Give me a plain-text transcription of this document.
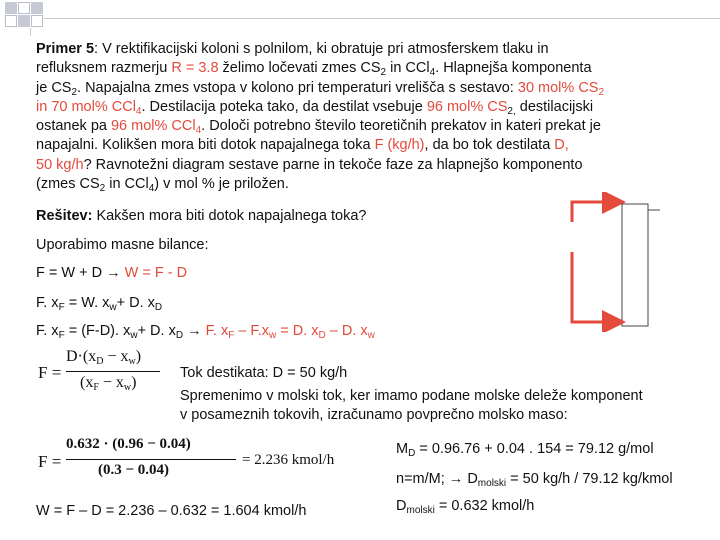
Primer 5: V rektifikacijski koloni s polnilom, ki obratuje pri atmosferskem tlaku in
refluksnem razmerju R = 3.8 želimo ločevati zmes $CS_2$ in CCl$_4$. Hlapnejša komponenta
je $CS_2$. Napajalna zmes vstopa v kolono pri temperaturi vrelišča s sestavo: 30 mol% $CS_2$
in 70 mol% CCl$_4$. Destilacija poteka tako, da destilat vsebuje 96 mol% $CS_{2,}$ destilacijski
ostanek pa 96 mol% CCl$_4$. Določi potrebno število teoretičnih prekatov in kateri prekat je
napajalni. Kolikšen mora biti dotok napajalnega toka F (kg/h), da bo tok destilata D,
50 kg/h? Ravnotežni diagram sestave parne in tekoče faze za hlapnejšo komponento
(zmes $CS_2$ in CCl$_4$) v mol % je priložen.
Rešitev: Kakšen mora biti dotok napajalnega toka?
Uporabimo masne bilance:
F = W + D → W = F - D
F. $x_F = W$. $x_w+ D$. $x_D$
F. $x_F = (F-D)$. $x_w+ D$. $x_D \to F$. $x_F - F.x_w = D$. $x_D$ – D. $x_w$
F =
$D\cdot(x_D - x_w)$
$(x_F - x_w)$
Tok destikata: D = 50 kg/h
Spremenimo v molski tok, ker imamo podane molske deleže komponent
v posameznih tokovih, izračunamo povprečno molsko maso:
F =
0.632 · (0.96 − 0.04)
(0.3 − 0.04)
= 2.236 kmol/h
$M_D = 0.96.76 + 0.04$ . 154 = 79.12 g/mol
n=m/M; → $D_{molski} = 50$ kg/h / 79.12 kg/kmol
W = F – D = 2.236 – 0.632 = 1.604 kmol/h	$D_{molski} = 0.632$ kmol/h
